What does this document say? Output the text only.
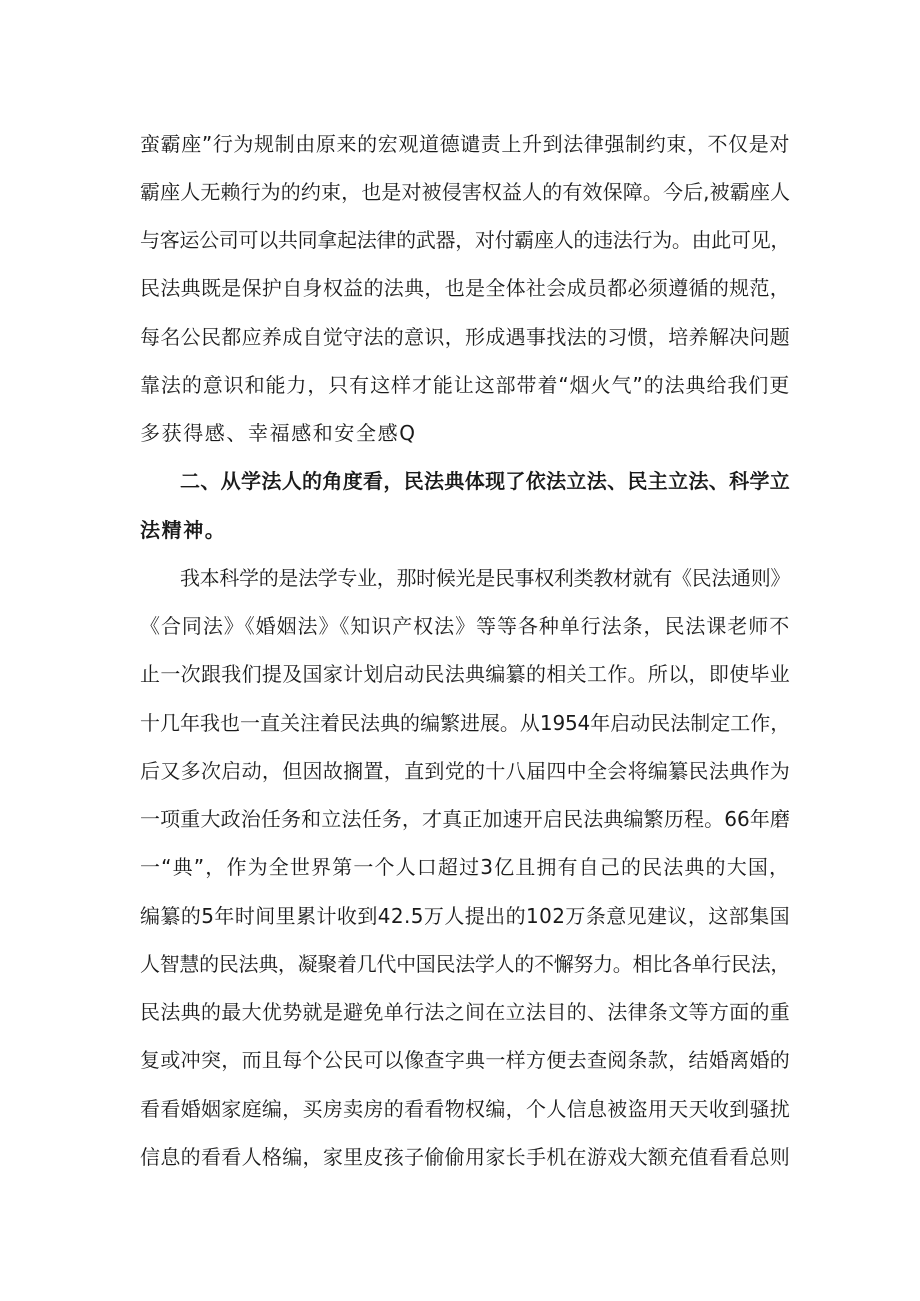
蛮霸座”行为规制由原来的宏观道德谴责上升到法律强制约束，不仅是对
霸座人无赖行为的约束，也是对被侵害权益人的有效保障。今后,被霸座人
与客运公司可以共同拿起法律的武器，对付霸座人的违法行为。由此可见，
民法典既是保护自身权益的法典，也是全体社会成员都必须遵循的规范，
每名公民都应养成自觉守法的意识，形成遇事找法的习惯，培养解决问题
靠法的意识和能力，只有这样才能让这部带着“烟火气”的法典给我们更
多获得感、幸福感和安全感Q
二、从学法人的角度看，民法典体现了依法立法、民主立法、科学立
法精神。
我本科学的是法学专业，那时候光是民事权利类教材就有《民法通则》
《合同法》《婚姻法》《知识产权法》等等各种单行法条，民法课老师不
止一次跟我们提及国家计划启动民法典编纂的相关工作。所以，即使毕业
十几年我也一直关注着民法典的编繁进展。从1954年启动民法制定工作，
后又多次启动，但因故搁置，直到党的十八届四中全会将编纂民法典作为
一项重大政治任务和立法任务，才真正加速开启民法典编繁历程。66年磨
一“典”，作为全世界第一个人口超过3亿且拥有自己的民法典的大国，
编纂的5年时间里累计收到42.5万人提出的102万条意见建议，这部集国
人智慧的民法典，凝聚着几代中国民法学人的不懈努力。相比各单行民法，
民法典的最大优势就是避免单行法之间在立法目的、法律条文等方面的重
复或冲突，而且每个公民可以像查字典一样方便去查阅条款，结婚离婚的
看看婚姻家庭编，买房卖房的看看物权编，个人信息被盗用天天收到骚扰
信息的看看人格编，家里皮孩子偷偷用家长手机在游戏大额充值看看总则
